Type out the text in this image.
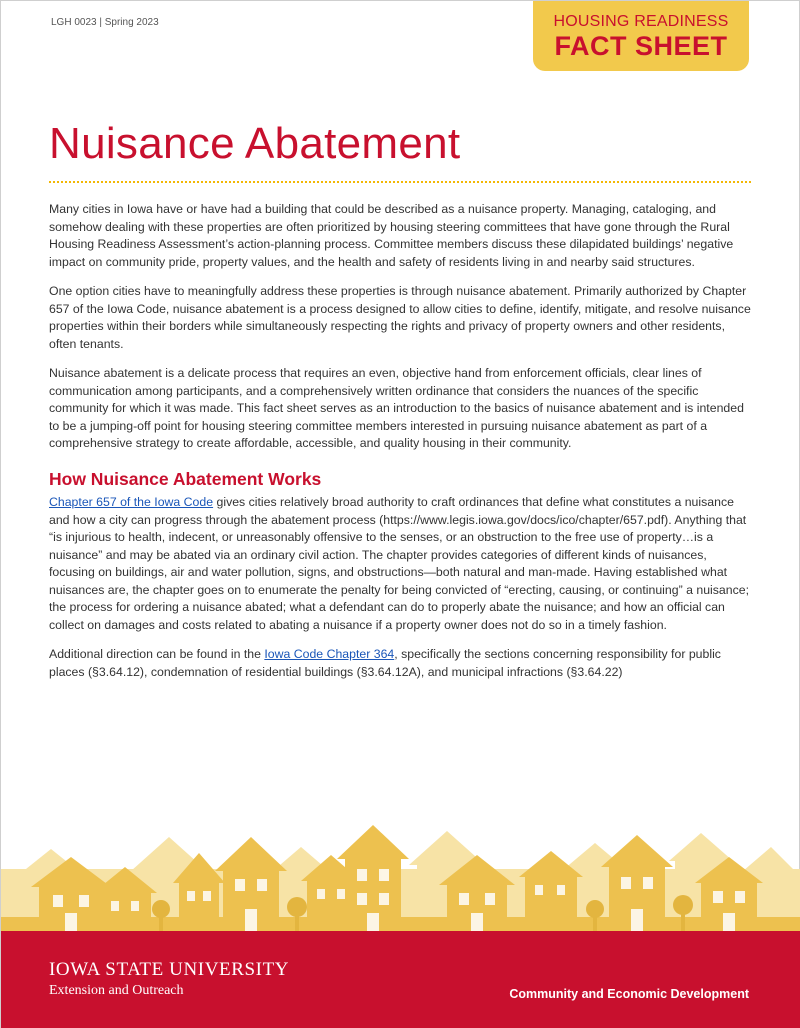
LGH 0023 | Spring 2023	HOUSING READINESS
FACT SHEET
Nuisance Abatement

Many cities in Iowa have or have had a building that could be described as a nuisance property. Managing, cataloging, and somehow dealing with these properties are often prioritized by housing steering committees that have gone through the Rural Housing Readiness Assessment’s action-planning process. Committee members discuss these dilapidated buildings’ negative impact on community pride, property values, and the health and safety of residents living in and nearby said structures.

One option cities have to meaningfully address these properties is through nuisance abatement. Primarily authorized by Chapter 657 of the Iowa Code, nuisance abatement is a process designed to allow cities to define, identify, mitigate, and resolve nuisance properties within their borders while simultaneously respecting the rights and privacy of property owners and other residents, often tenants.

Nuisance abatement is a delicate process that requires an even, objective hand from enforcement officials, clear lines of communication among participants, and a comprehensively written ordinance that considers the nuances of the specific community for which it was made. This fact sheet serves as an introduction to the basics of nuisance abatement and is intended to be a jumping-off point for housing steering committee members interested in pursuing nuisance abatement as part of a comprehensive strategy to create affordable, accessible, and quality housing in their community.

How Nuisance Abatement Works

Chapter 657 of the Iowa Code gives cities relatively broad authority to craft ordinances that define what constitutes a nuisance and how a city can progress through the abatement process (https://www.legis.iowa.gov/docs/ico/chapter/657.pdf). Anything that “is injurious to health, indecent, or unreasonably offensive to the senses, or an obstruction to the free use of property…is a nuisance” and may be abated via an ordinary civil action. The chapter provides categories of different kinds of nuisances, focusing on buildings, air and water pollution, signs, and obstructions—both natural and man-made. Having established what nuisances are, the chapter goes on to enumerate the penalty for being convicted of “erecting, causing, or continuing” a nuisance; the process for ordering a nuisance abated; what a defendant can do to properly abate the nuisance; and how an official can collect on damages and costs related to abating a nuisance if a property owner does not do so in a timely fashion.

Additional direction can be found in the Iowa Code Chapter 364, specifically the sections concerning responsibility for public places (§3.64.12), condemnation of residential buildings (§3.64.12A), and municipal infractions (§3.64.22)

IOWA STATE UNIVERSITY
Extension and Outreach	Community and Economic Development
